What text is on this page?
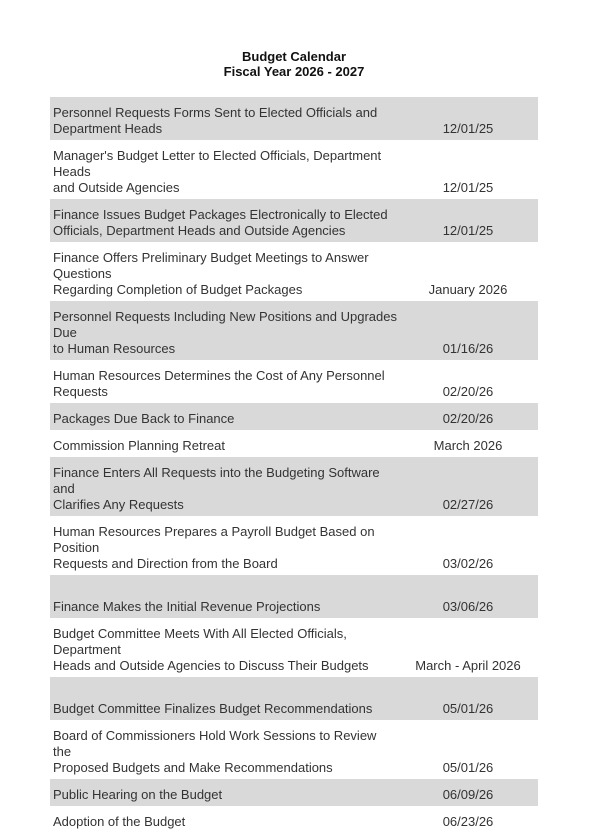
Budget Calendar
Fiscal Year 2026 - 2027
Personnel Requests Forms Sent to Elected Officials and
Department Heads	12/01/25
Manager's Budget Letter to Elected Officials, Department Heads
and Outside Agencies	12/01/25
Finance Issues Budget Packages Electronically to Elected
Officials, Department Heads and Outside Agencies	12/01/25
Finance Offers Preliminary Budget Meetings to Answer Questions
Regarding Completion of Budget Packages	January 2026
Personnel Requests Including New Positions and Upgrades Due
to Human Resources	01/16/26
Human Resources Determines the Cost of Any Personnel
Requests	02/20/26
Packages Due Back to Finance	02/20/26
Commission Planning Retreat	March 2026
Finance Enters All Requests into the Budgeting Software and
Clarifies Any Requests	02/27/26
Human Resources Prepares a Payroll Budget Based on Position
Requests and Direction from the Board	03/02/26
Finance Makes the Initial Revenue Projections	03/06/26
Budget Committee Meets With All Elected Officials, Department
Heads and Outside Agencies to Discuss Their Budgets	March - April 2026
Budget Committee Finalizes Budget Recommendations	05/01/26
Board of Commissioners Hold Work Sessions to Review the
Proposed Budgets and Make Recommendations	05/01/26
Public Hearing on the Budget	06/09/26
Adoption of the Budget	06/23/26
